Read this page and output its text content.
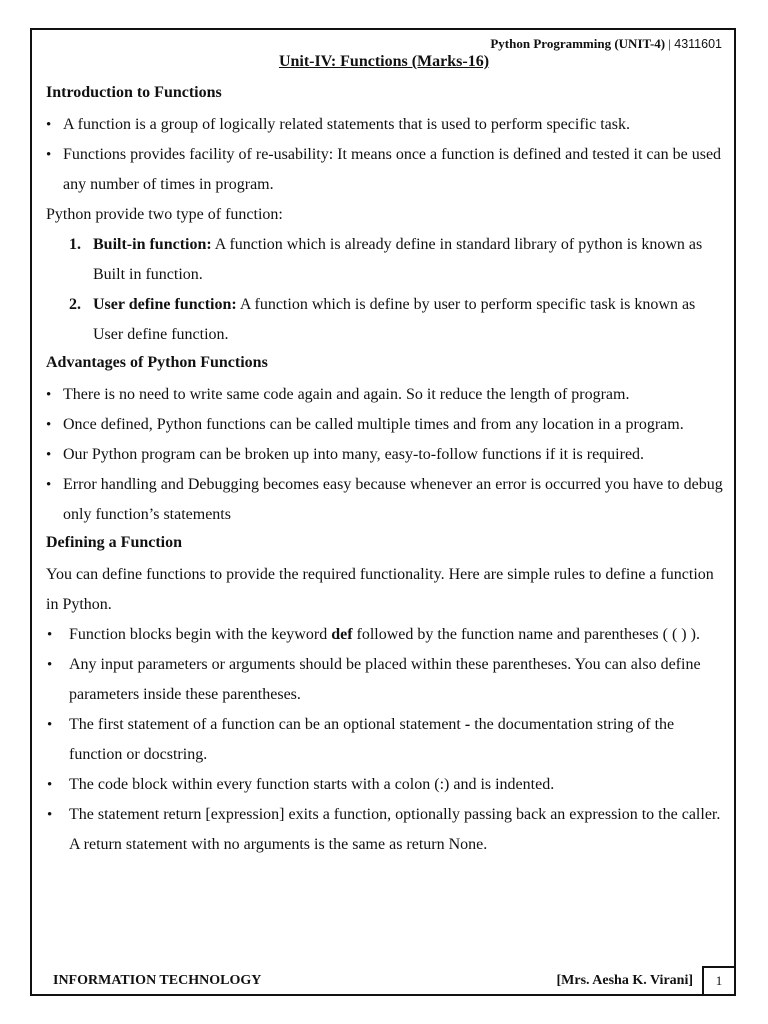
Python Programming (UNIT-4) | 4311601
Unit-IV: Functions (Marks-16)
Introduction to Functions
• A function is a group of logically related statements that is used to perform specific task.
• Functions provides facility of re-usability: It means once a function is defined and tested it can be used any number of times in program.
Python provide two type of function:
1. Built-in function: A function which is already define in standard library of python is known as Built in function.
2. User define function: A function which is define by user to perform specific task is known as User define function.
Advantages of Python Functions
• There is no need to write same code again and again. So it reduce the length of program.
• Once defined, Python functions can be called multiple times and from any location in a program.
• Our Python program can be broken up into many, easy-to-follow functions if it is required.
• Error handling and Debugging becomes easy because whenever an error is occurred you have to debug only function’s statements
Defining a Function
You can define functions to provide the required functionality. Here are simple rules to define a function in Python.
• Function blocks begin with the keyword def followed by the function name and parentheses ( ( ) ).
• Any input parameters or arguments should be placed within these parentheses. You can also define parameters inside these parentheses.
• The first statement of a function can be an optional statement - the documentation string of the function or docstring.
• The code block within every function starts with a colon (:) and is indented.
• The statement return [expression] exits a function, optionally passing back an expression to the caller. A return statement with no arguments is the same as return None.
INFORMATION TECHNOLOGY	[Mrs. Aesha K. Virani]	1
